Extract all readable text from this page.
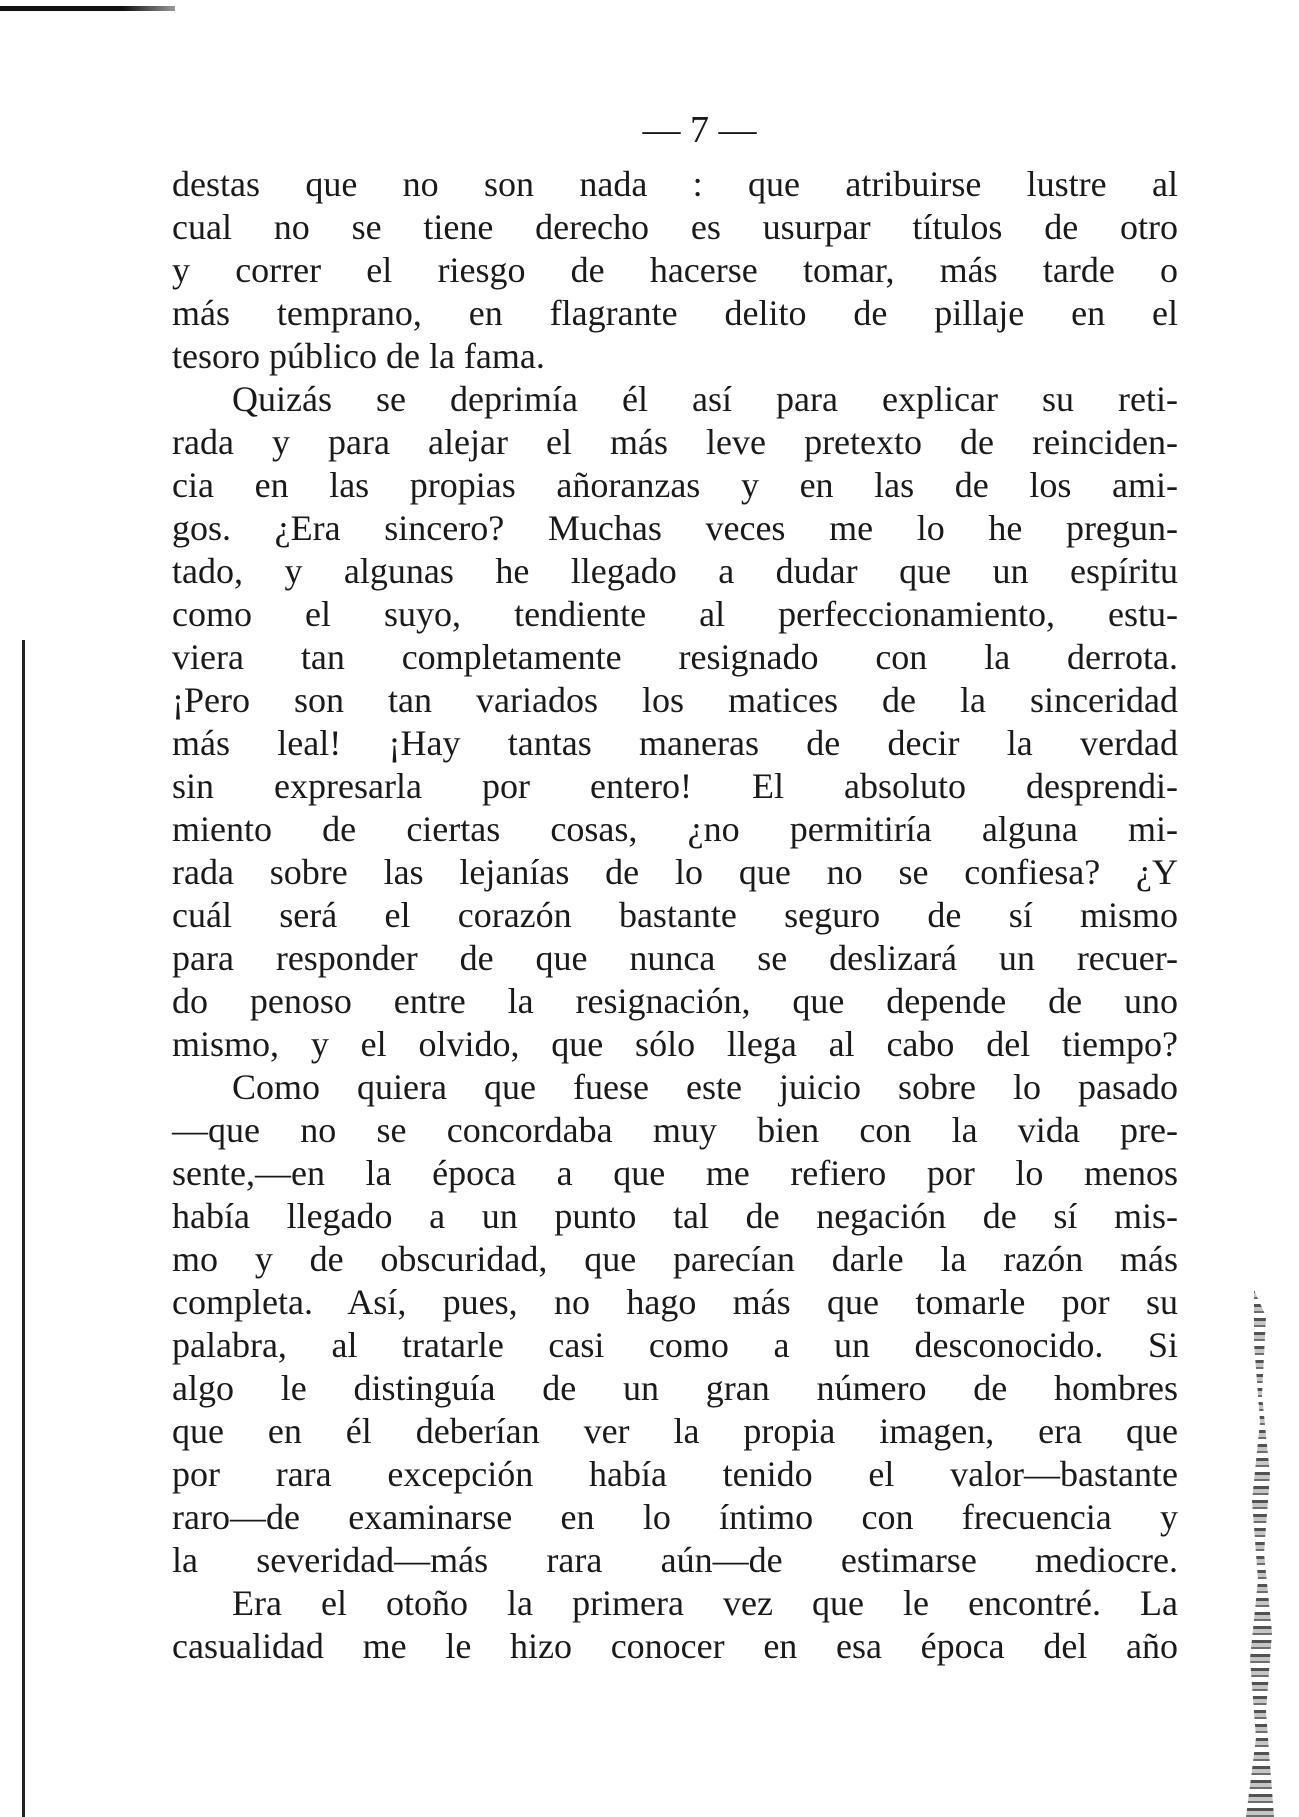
— 7 —
destas que no son nada : que atribuirse lustre al
cual no se tiene derecho es usurpar títulos de otro
y correr el riesgo de hacerse tomar, más tarde o
más temprano, en flagrante delito de pillaje en el
tesoro público de la fama.
Quizás se deprimía él así para explicar su reti-
rada y para alejar el más leve pretexto de reinciden-
cia en las propias añoranzas y en las de los ami-
gos. ¿Era sincero? Muchas veces me lo he pregun-
tado, y algunas he llegado a dudar que un espíritu
como el suyo, tendiente al perfeccionamiento, estu-
viera tan completamente resignado con la derrota.
¡Pero son tan variados los matices de la sinceridad
más leal! ¡Hay tantas maneras de decir la verdad
sin expresarla por entero! El absoluto desprendi-
miento de ciertas cosas, ¿no permitiría alguna mi-
rada sobre las lejanías de lo que no se confiesa? ¿Y
cuál será el corazón bastante seguro de sí mismo
para responder de que nunca se deslizará un recuer-
do penoso entre la resignación, que depende de uno
mismo, y el olvido, que sólo llega al cabo del tiempo?
Como quiera que fuese este juicio sobre lo pasado
—que no se concordaba muy bien con la vida pre-
sente,—en la época a que me refiero por lo menos
había llegado a un punto tal de negación de sí mis-
mo y de obscuridad, que parecían darle la razón más
completa. Así, pues, no hago más que tomarle por su
palabra, al tratarle casi como a un desconocido. Si
algo le distinguía de un gran número de hombres
que en él deberían ver la propia imagen, era que
por rara excepción había tenido el valor—bastante
raro—de examinarse en lo íntimo con frecuencia y
la severidad—más rara aún—de estimarse mediocre.
Era el otoño la primera vez que le encontré. La
casualidad me le hizo conocer en esa época del año
